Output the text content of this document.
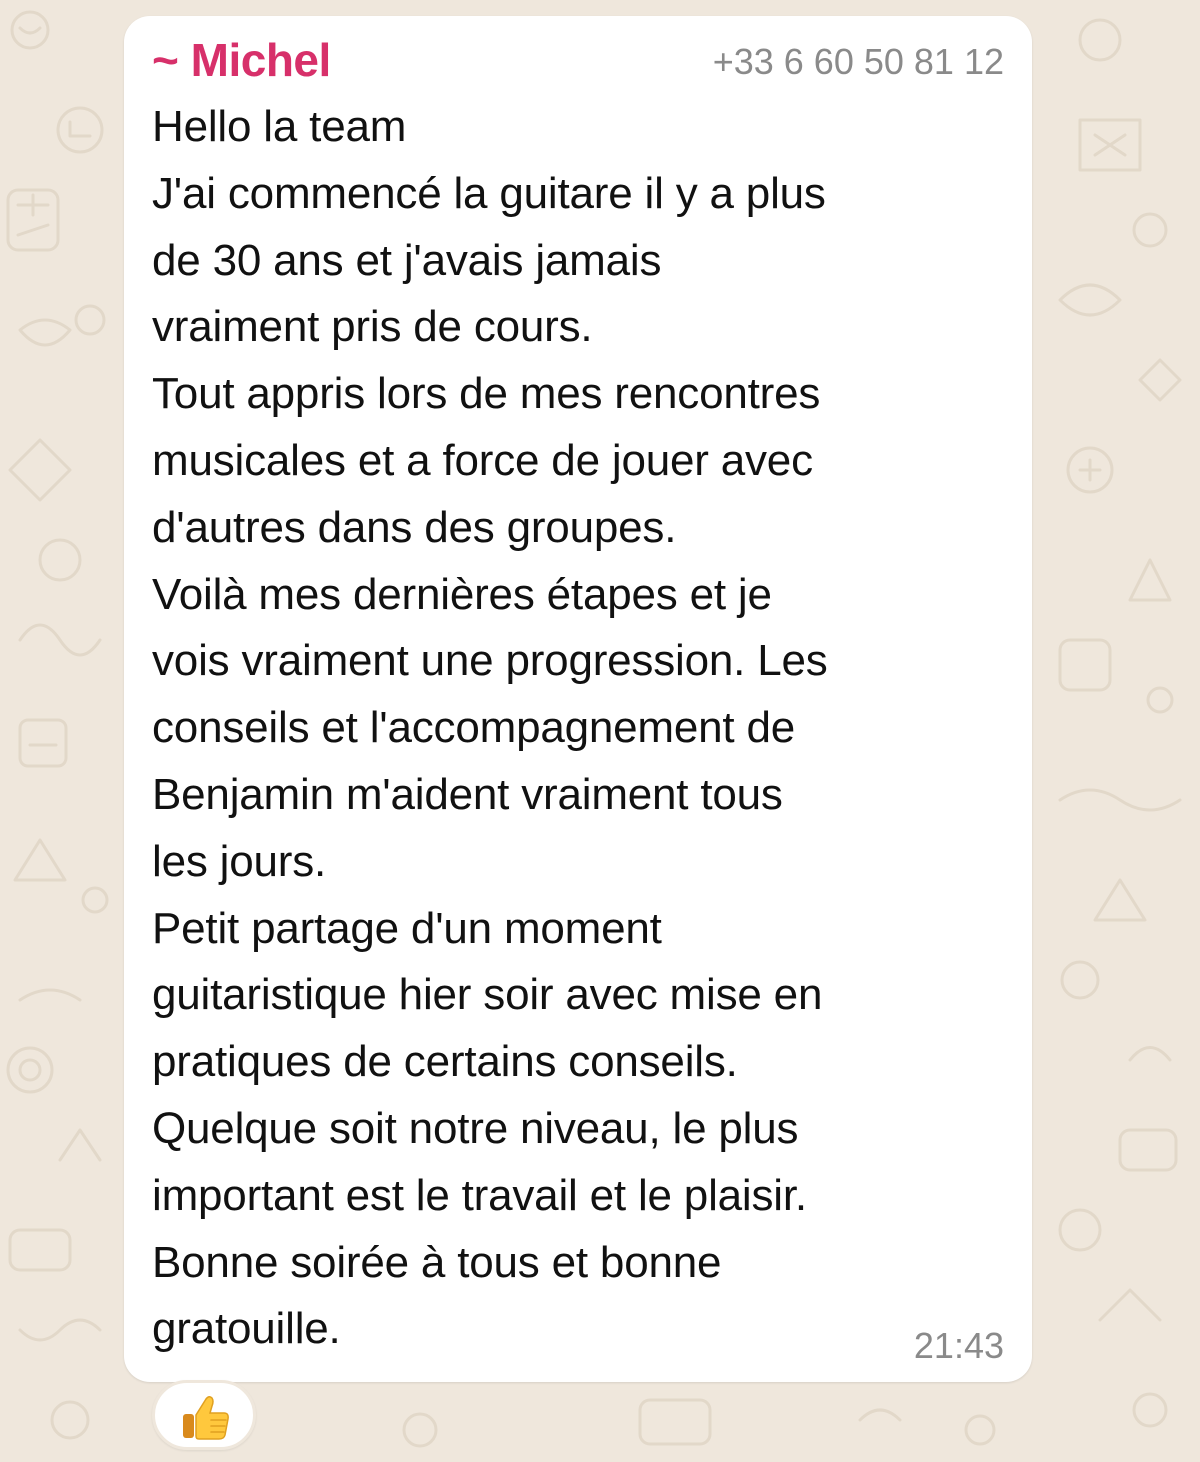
~ Michel	+33 6 60 50 81 12
Hello la team
J'ai commencé la guitare il y a plus
de 30 ans et j'avais jamais
vraiment pris de cours.
Tout appris lors de mes rencontres
musicales et a force de jouer avec
d'autres dans des groupes.
Voilà mes dernières étapes et je
vois vraiment une progression. Les
conseils et l'accompagnement de
Benjamin m'aident vraiment tous
les jours.
Petit partage d'un moment
guitaristique hier soir avec mise en
pratiques de certains conseils.
Quelque soit notre niveau, le plus
important est le travail et le plaisir.
Bonne soirée à tous et bonne
gratouille.	21:43
